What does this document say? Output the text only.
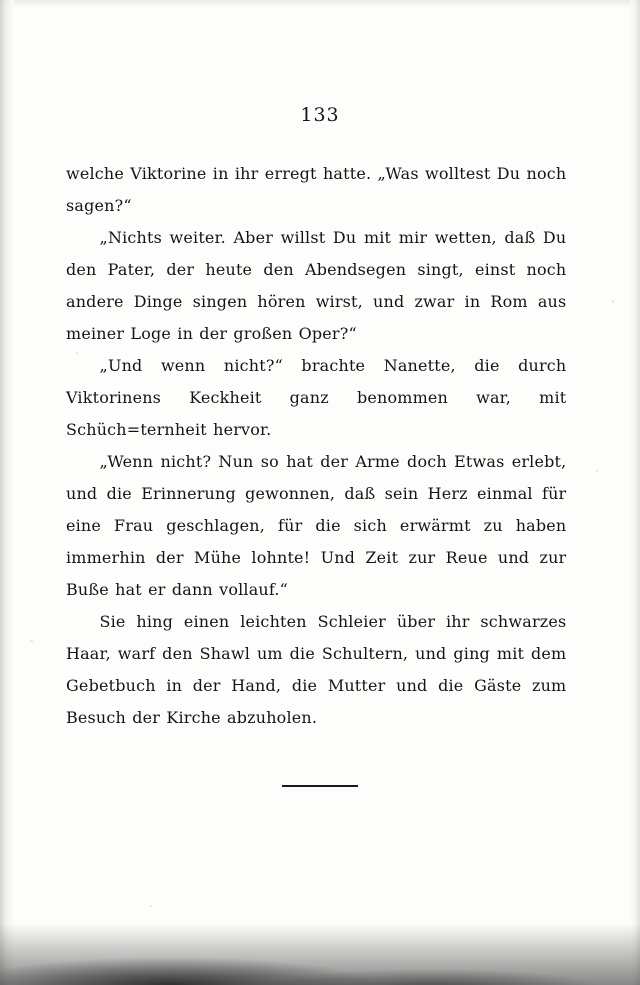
133

welche Viktorine in ihr erregt hatte. „Was wolltest Du noch sagen?“

„Nichts weiter. Aber willst Du mit mir wetten, daß Du den Pater, der heute den Abendsegen singt, einst noch andere Dinge singen hören wirst, und zwar in Rom aus meiner Loge in der großen Oper?“

„Und wenn nicht?“ brachte Nanette, die durch Viktorinens Keckheit ganz benommen war, mit Schüch=ternheit hervor.

„Wenn nicht? Nun so hat der Arme doch Etwas erlebt, und die Erinnerung gewonnen, daß sein Herz einmal für eine Frau geschlagen, für die sich erwärmt zu haben immerhin der Mühe lohnte! Und Zeit zur Reue und zur Buße hat er dann vollauf.“

Sie hing einen leichten Schleier über ihr schwarzes Haar, warf den Shawl um die Schultern, und ging mit dem Gebetbuch in der Hand, die Mutter und die Gäste zum Besuch der Kirche abzuholen.
